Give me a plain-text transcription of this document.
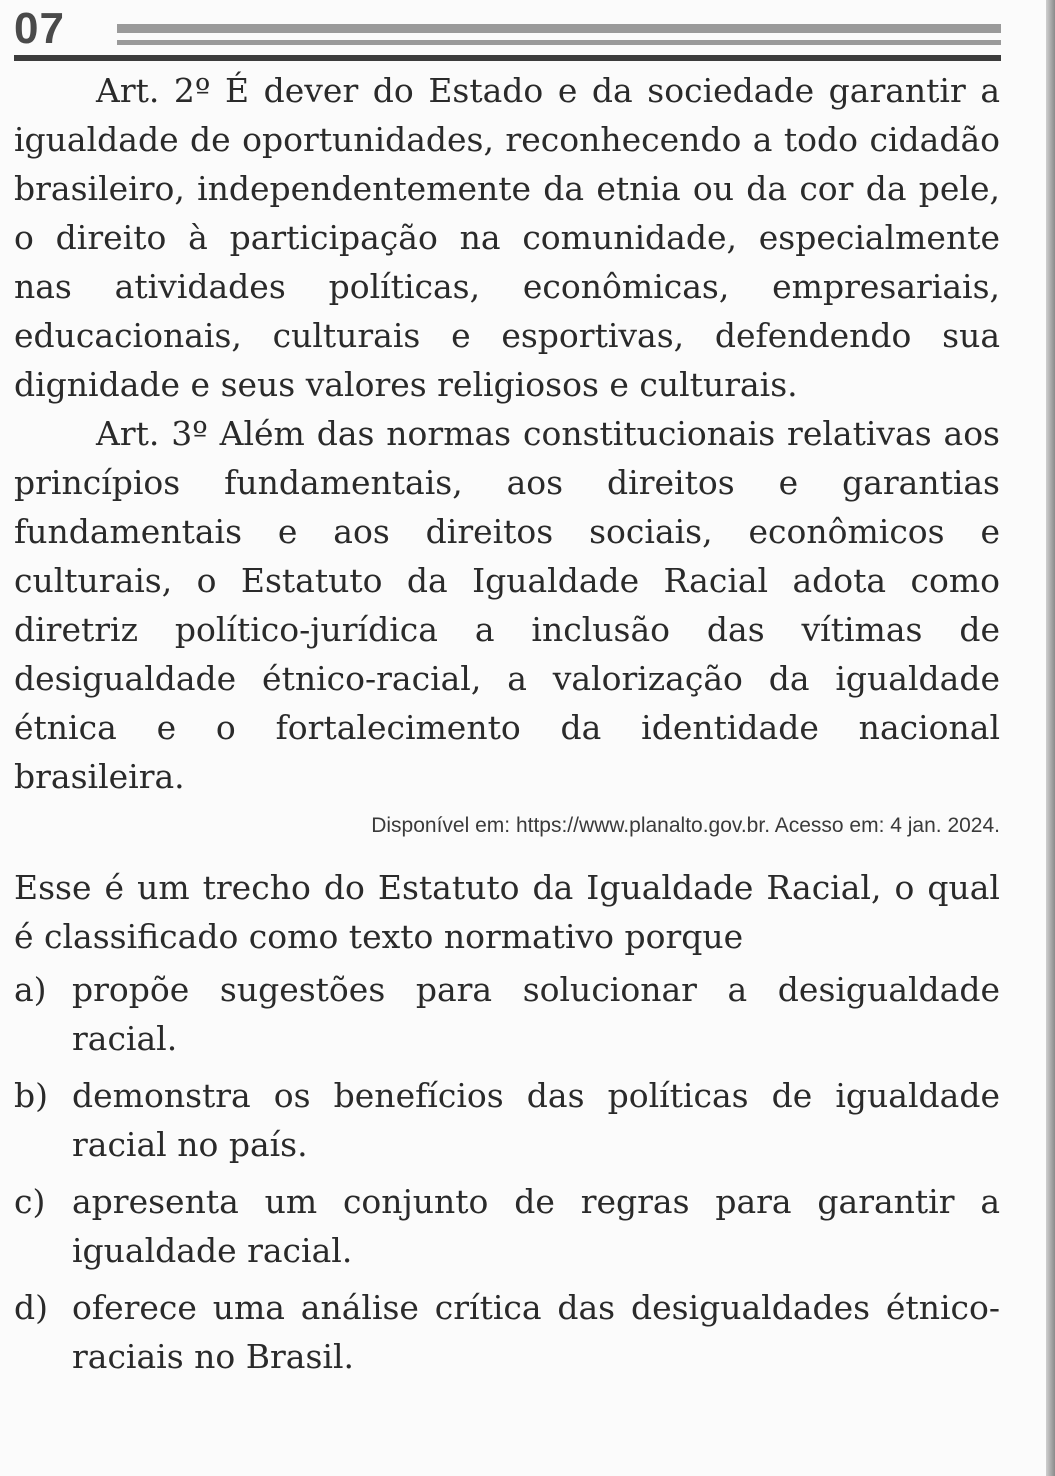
07

Art. 2º É dever do Estado e da sociedade garantir a igualdade de oportunidades, reconhecendo a todo cidadão brasileiro, independentemente da etnia ou da cor da pele, o direito à participação na comunidade, especialmente nas atividades políticas, econômicas, empresariais, educacionais, culturais e esportivas, defendendo sua dignidade e seus valores religiosos e culturais.

Art. 3º Além das normas constitucionais relativas aos princípios fundamentais, aos direitos e garantias fundamentais e aos direitos sociais, econômicos e culturais, o Estatuto da Igualdade Racial adota como diretriz político-jurídica a inclusão das vítimas de desigualdade étnico-racial, a valorização da igualdade étnica e o fortalecimento da identidade nacional brasileira.

Disponível em: https://www.planalto.gov.br. Acesso em: 4 jan. 2024.

Esse é um trecho do Estatuto da Igualdade Racial, o qual é classificado como texto normativo porque

a) propõe sugestões para solucionar a desigualdade racial.
b) demonstra os benefícios das políticas de igualdade racial no país.
c) apresenta um conjunto de regras para garantir a igualdade racial.
d) oferece uma análise crítica das desigualdades étnico-raciais no Brasil.
